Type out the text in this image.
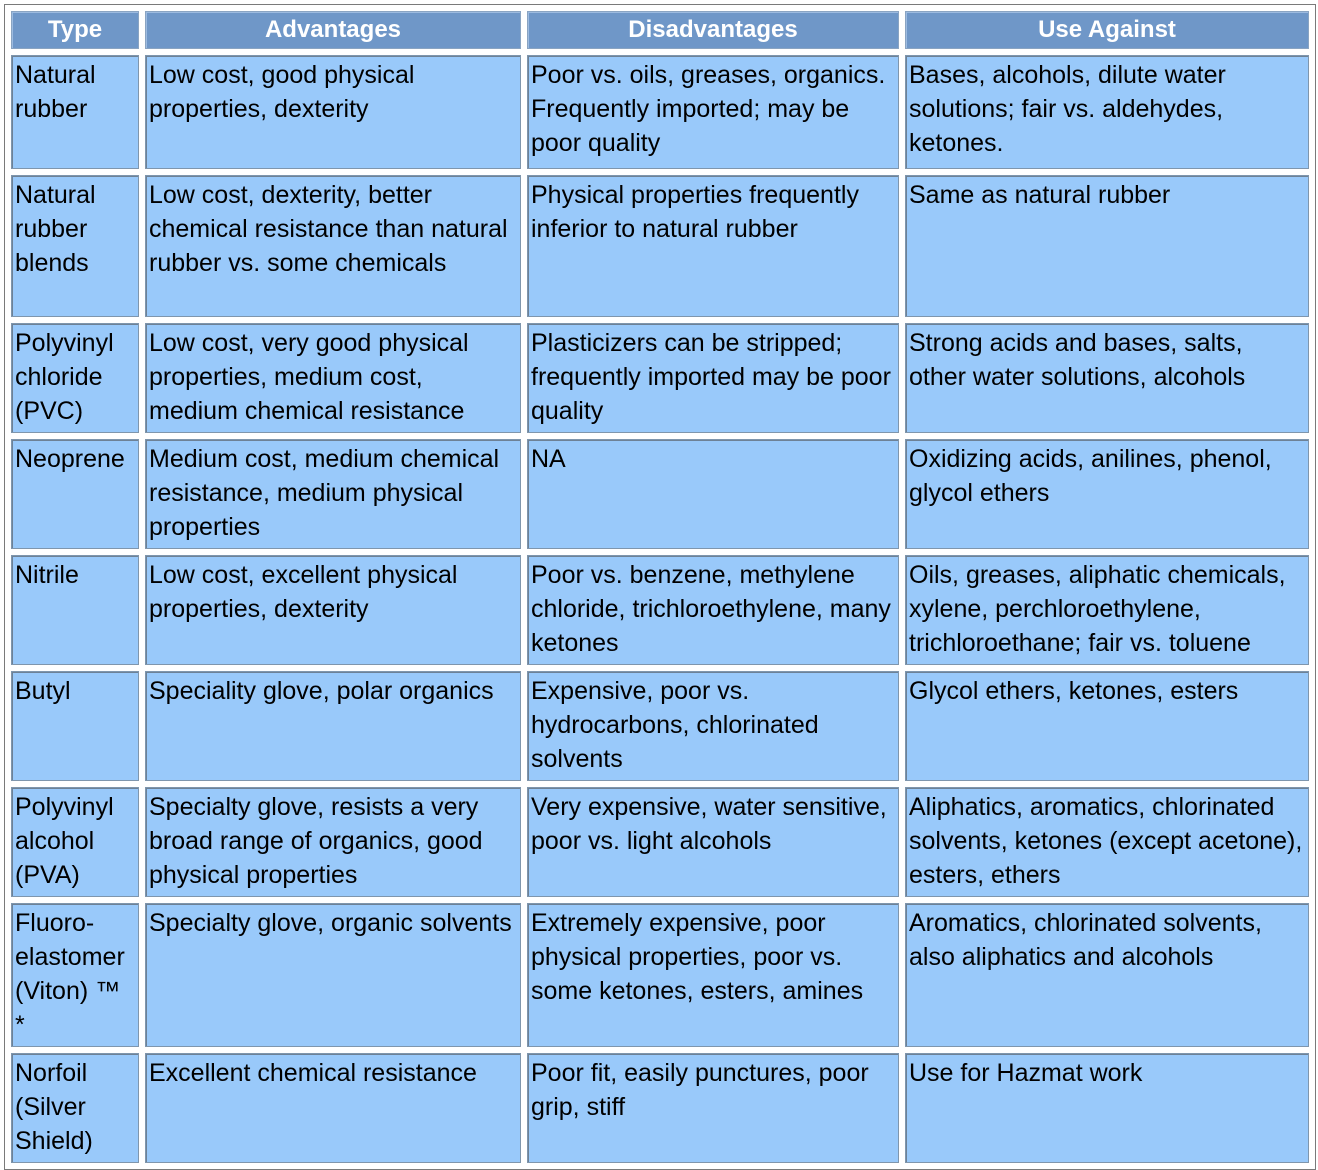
Type	Advantages	Disadvantages	Use Against
Natural rubber	Low cost, good physical properties, dexterity	Poor vs. oils, greases, organics. Frequently imported; may be poor quality	Bases, alcohols, dilute water solutions; fair vs. aldehydes, ketones.
Natural rubber blends	Low cost, dexterity, better chemical resistance than natural rubber vs. some chemicals	Physical properties frequently inferior to natural rubber	Same as natural rubber
Polyvinyl chloride (PVC)	Low cost, very good physical properties, medium cost, medium chemical resistance	Plasticizers can be stripped; frequently imported may be poor quality	Strong acids and bases, salts, other water solutions, alcohols
Neoprene	Medium cost, medium chemical resistance, medium physical properties	NA	Oxidizing acids, anilines, phenol, glycol ethers
Nitrile	Low cost, excellent physical properties, dexterity	Poor vs. benzene, methylene chloride, trichloroethylene, many ketones	Oils, greases, aliphatic chemicals, xylene, perchloroethylene, trichloroethane; fair vs. toluene
Butyl	Speciality glove, polar organics	Expensive, poor vs. hydrocarbons, chlorinated solvents	Glycol ethers, ketones, esters
Polyvinyl alcohol (PVA)	Specialty glove, resists a very broad range of organics, good physical properties	Very expensive, water sensitive, poor vs. light alcohols	Aliphatics, aromatics, chlorinated solvents, ketones (except acetone), esters, ethers
Fluoro-elastomer (Viton) ™ *	Specialty glove, organic solvents	Extremely expensive, poor physical properties, poor vs. some ketones, esters, amines	Aromatics, chlorinated solvents, also aliphatics and alcohols
Norfoil (Silver Shield)	Excellent chemical resistance	Poor fit, easily punctures, poor grip, stiff	Use for Hazmat work
